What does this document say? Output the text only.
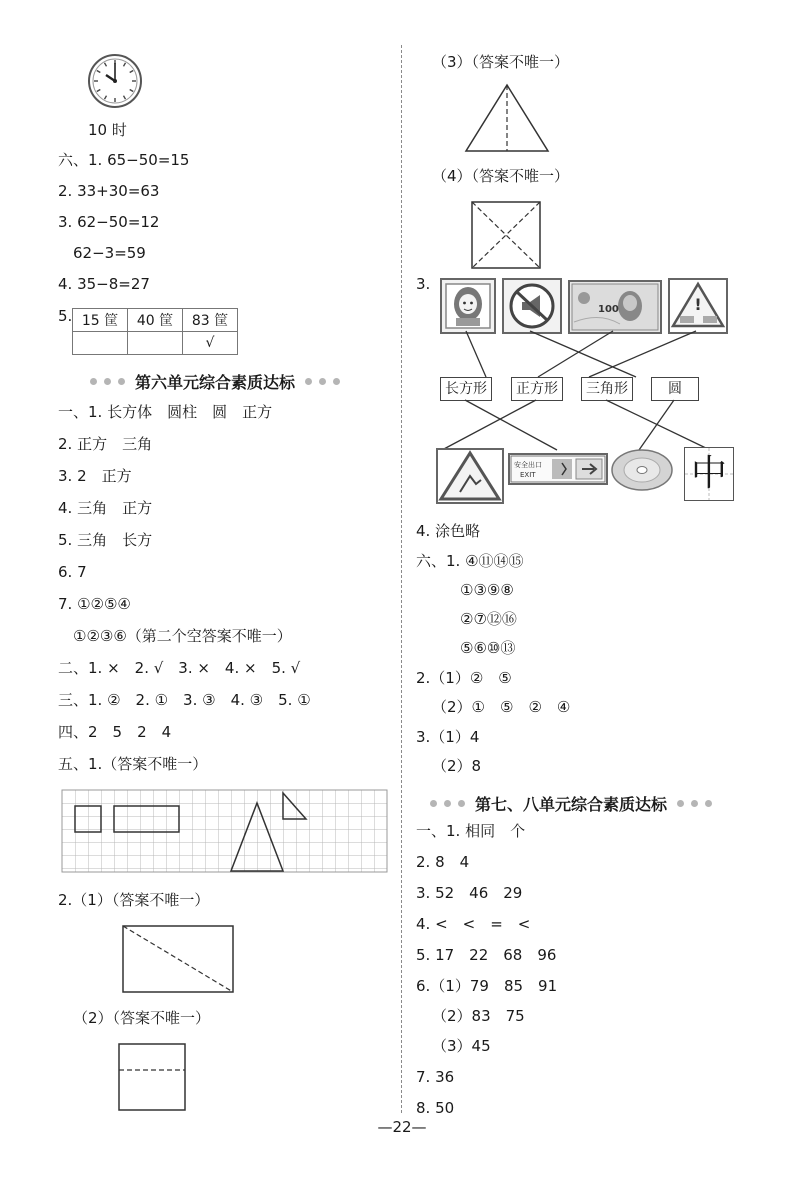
10 时
六、1. 65−50=15
2. 33+30=63
3. 62−50=12
62−3=59
4. 35−8=27
5. 15 筐	40 筐	83 筐
		√
第六单元综合素质达标
一、1. 长方体　圆柱　圆　正方
2. 正方　三角
3. 2　正方
4. 三角　正方
5. 三角　长方
6. 7
7. ①②⑤④
①②③⑥（第二个空答案不唯一）
二、1. ×　2. √　3. ×　4. ×　5. √
三、1. ②　2. ①　3. ③　4. ③　5. ①
四、2　5　2　4
五、1.（答案不唯一）
2.（1）（答案不唯一）
（2）（答案不唯一）
（3）（答案不唯一）
（4）（答案不唯一）
3.
100	!
长方形	正方形	三角形	圆
安全出口
EXIT	中
4. 涂色略
六、1. ④⑪⑭⑮
①③⑨⑧
②⑦⑫⑯
⑤⑥⑩⑬
2.（1）②　⑤
（2）①　⑤　②　④
3.（1）4
（2）8
第七、八单元综合素质达标
一、1. 相同　个
2. 8　4
3. 52　46　29
4. <　<　=　<
5. 17　22　68　96
6.（1）79　85　91
（2）83　75
（3）45
7. 36
8. 50
—22—
